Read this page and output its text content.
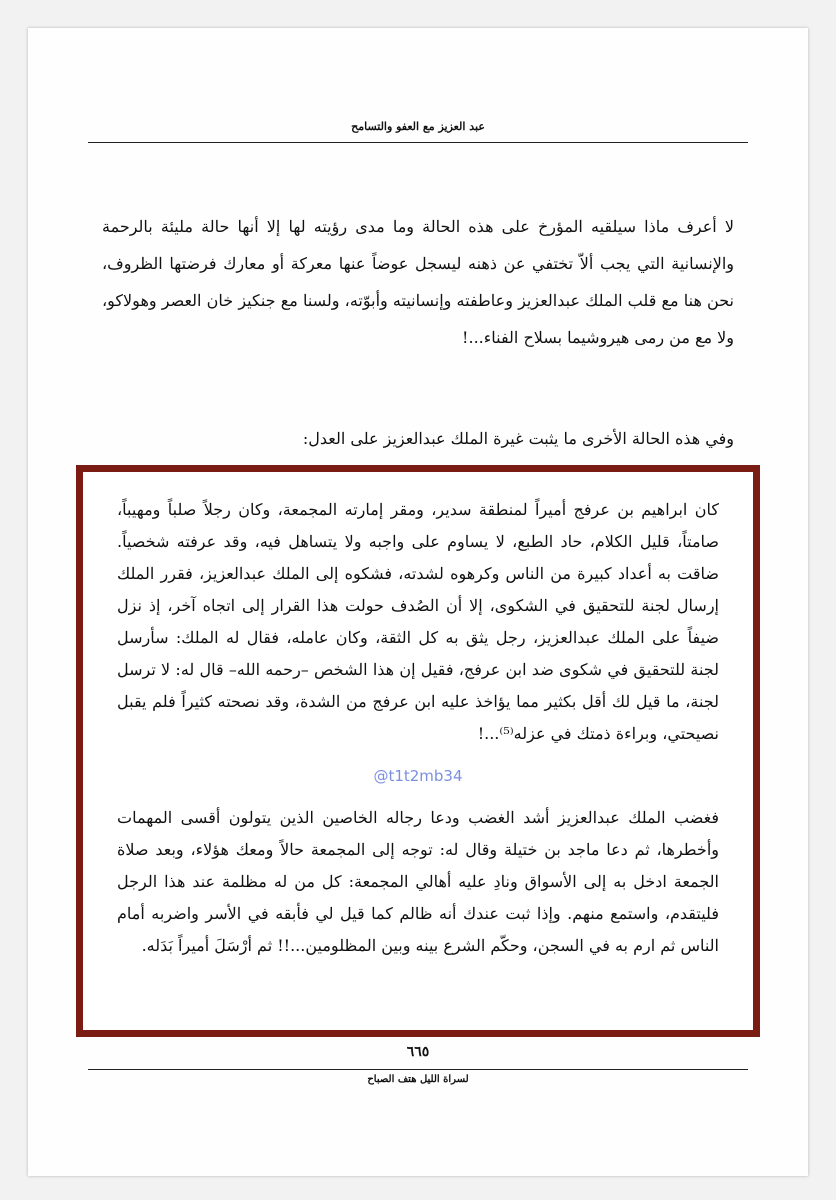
عبد العزيز مع العفو والتسامح
لا أعرف ماذا سيلقيه المؤرخ على هذه الحالة وما مدى رؤيته لها إلا أنها حالة مليئة بالرحمة والإنسانية التي يجب ألاّ تختفي عن ذهنه ليسجل عوضاً عنها معركة أو معارك فرضتها الظروف، نحن هنا مع قلب الملك عبدالعزيز وعاطفته وإنسانيته وأبوّته، ولسنا مع جنكيز خان العصر وهولاكو، ولا مع من رمى هيروشيما بسلاح الفناء...!
وفي هذه الحالة الأخرى ما يثبت غيرة الملك عبدالعزيز على العدل:
كان ابراهيم بن عرفج أميراً لمنطقة سدير، ومقر إمارته المجمعة، وكان رجلاً صلباً ومهيباً، صامتاً، قليل الكلام، حاد الطبع، لا يساوم على واجبه ولا يتساهل فيه، وقد عرفته شخصياً. ضاقت به أعداد كبيرة من الناس وكرهوه لشدته، فشكوه إلى الملك عبدالعزيز، فقرر الملك إرسال لجنة للتحقيق في الشكوى، إلا أن الصُدف حولت هذا القرار إلى اتجاه آخر، إذ نزل ضيفاً على الملك عبدالعزيز، رجل يثق به كل الثقة، وكان عامله، فقال له الملك: سأرسل لجنة للتحقيق في شكوى ضد ابن عرفج، فقيل إن هذا الشخص –رحمه الله– قال له: لا ترسل لجنة، ما قيل لك أقل بكثير مما يؤاخذ عليه ابن عرفج من الشدة، وقد نصحته كثيراً فلم يقبل نصيحتي، وبراءة ذمتك في عزله⁽⁵⁾...!
@t1t2mb34
فغضب الملك عبدالعزيز أشد الغضب ودعا رجاله الخاصين الذين يتولون أقسى المهمات وأخطرها، ثم دعا ماجد بن ختيلة وقال له: توجه إلى المجمعة حالاً ومعك هؤلاء، وبعد صلاة الجمعة ادخل به إلى الأسواق ونادِ عليه أهالي المجمعة: كل من له مظلمة عند هذا الرجل فليتقدم، واستمع منهم. وإذا ثبت عندك أنه ظالم كما قيل لي فأبقه في الأسر واضربه أمام الناس ثم ارم به في السجن، وحكّم الشرع بينه وبين المظلومين...!! ثم أرْسَلَ أميراً بَدَله.
٦٦٥
لسراة الليل هتف الصباح
